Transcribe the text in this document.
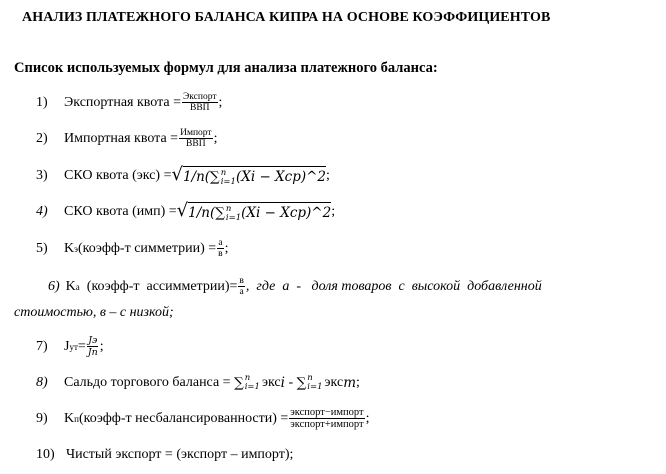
АНАЛИЗ ПЛАТЕЖНОГО БАЛАНСА КИПРА НА ОСНОВЕ КОЭФФИЦИЕНТОВ
Список используемых формул для анализа платежного баланса:
1)	Экспортная квота = $\frac{\text{Экспорт}}{\text{ВВП}}$ ;
2)	Импортная квота = $\frac{\text{Импорт}}{\text{ВВП}}$ ;
3)	СКО квота (экс) = √ 1/n(∑ n
i=1 (Xi − Xcp)^2 ;
4)	СКО квота (имп) = √ 1/n(∑ n
i=1 (Xi − Xcp)^2 ;
5)	K э (коэфф-т симметрии) = $\frac{a}{в}$ ;
6) K а (коэфф-т  ассимметрии)= $\frac{в}{a}$ ,  где  а  -   доля товаров  с  высокой  добавленной
стоимостью, в – с низкой;
7)	J ут = $\frac{Jэ}{Jп}$ ;
8)	Сальдо торгового баланса = ∑ n
i=1 экс i - ∑ n
i=1 экс m ;
9)	K п (коэфф-т несбалансированности) = $\frac{\text{экспорт−импорт}}{\text{экспорт+импорт}}$ ;
10) Чистый экспорт = (экспорт – импорт);
